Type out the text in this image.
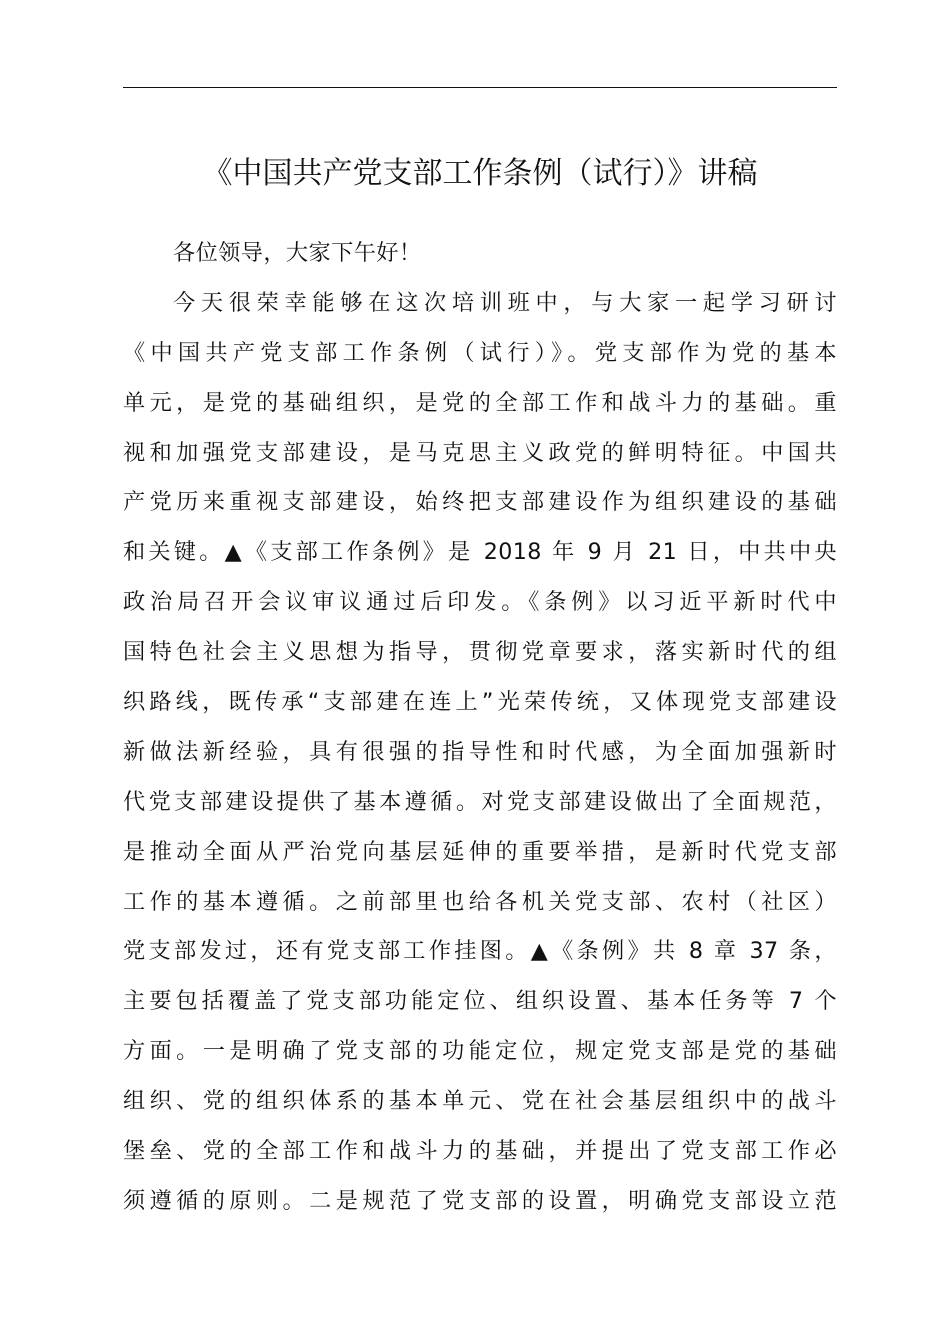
《中国共产党支部工作条例（试行）》讲稿
各位领导，大家下午好！
今天很荣幸能够在这次培训班中，与大家一起学习研讨
《中国共产党支部工作条例（试行）》。党支部作为党的基本
单元，是党的基础组织，是党的全部工作和战斗力的基础。重
视和加强党支部建设，是马克思主义政党的鲜明特征。中国共
产党历来重视支部建设，始终把支部建设作为组织建设的基础
和关键。▲《支部工作条例》是 2018 年 9 月 21 日，中共中央
政治局召开会议审议通过后印发。《条例》以习近平新时代中
国特色社会主义思想为指导，贯彻党章要求，落实新时代的组
织路线，既传承“支部建在连上”光荣传统，又体现党支部建设
新做法新经验，具有很强的指导性和时代感，为全面加强新时
代党支部建设提供了基本遵循。对党支部建设做出了全面规范，
是推动全面从严治党向基层延伸的重要举措，是新时代党支部
工作的基本遵循。之前部里也给各机关党支部、农村（社区）
党支部发过，还有党支部工作挂图。▲《条例》共 8 章 37 条，
主要包括覆盖了党支部功能定位、组织设置、基本任务等 7 个
方面。一是明确了党支部的功能定位，规定党支部是党的基础
组织、党的组织体系的基本单元、党在社会基层组织中的战斗
堡垒、党的全部工作和战斗力的基础，并提出了党支部工作必
须遵循的原则。二是规范了党支部的设置，明确党支部设立范
